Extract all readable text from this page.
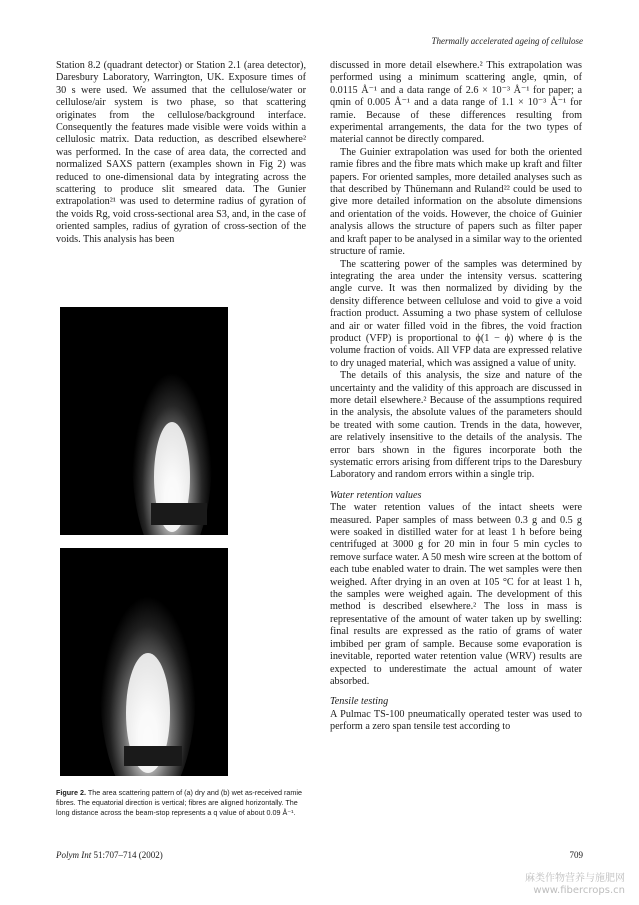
Thermally accelerated ageing of cellulose

Station 8.2 (quadrant detector) or Station 2.1 (area detector), Daresbury Laboratory, Warrington, UK. Exposure times of 30 s were used. We assumed that the cellulose/water or cellulose/air system is two phase, so that scattering originates from the cellulose/background interface. Consequently the features made visible were voids within a cellulosic matrix. Data reduction, as described elsewhere² was performed. In the case of area data, the corrected and normalized SAXS pattern (examples shown in Fig 2) was reduced to one-dimensional data by integrating across the scattering to produce slit smeared data. The Gunier extrapolation²¹ was used to determine radius of gyration of the voids Rg, void cross-sectional area S3, and, in the case of oriented samples, radius of gyration of cross-section of the voids. This analysis has been

Figure 2. The area scattering pattern of (a) dry and (b) wet as-received ramie fibres. The equatorial direction is vertical; fibres are aligned horizontally. The long distance across the beam-stop represents a q value of about 0.09 Å⁻¹.

discussed in more detail elsewhere.² This extrapolation was performed using a minimum scattering angle, qmin, of 0.0115 Å⁻¹ and a data range of 2.6 × 10⁻³ Å⁻¹ for paper; a qmin of 0.005 Å⁻¹ and a data range of 1.1 × 10⁻³ Å⁻¹ for ramie. Because of these differences resulting from experimental arrangements, the data for the two types of material cannot be directly compared.

The Guinier extrapolation was used for both the oriented ramie fibres and the fibre mats which make up kraft and filter papers. For oriented samples, more detailed analyses such as that described by Thünemann and Ruland²² could be used to give more detailed information on the absolute dimensions and orientation of the voids. However, the choice of Guinier analysis allows the structure of papers such as filter paper and kraft paper to be analysed in a similar way to the oriented structure of ramie.

The scattering power of the samples was determined by integrating the area under the intensity versus. scattering angle curve. It was then normalized by dividing by the density difference between cellulose and void to give a void fraction product. Assuming a two phase system of cellulose and air or water filled void in the fibres, the void fraction product (VFP) is proportional to ϕ(1 − ϕ) where ϕ is the volume fraction of voids. All VFP data are expressed relative to dry unaged material, which was assigned a value of unity.

The details of this analysis, the size and nature of the uncertainty and the validity of this approach are discussed in more detail elsewhere.² Because of the assumptions required in the analysis, the absolute values of the parameters should be treated with some caution. Trends in the data, however, are relatively insensitive to the details of the analysis. The error bars shown in the figures incorporate both the systematic errors arising from different trips to the Daresbury Laboratory and random errors within a single trip.

Water retention values

The water retention values of the intact sheets were measured. Paper samples of mass between 0.3 g and 0.5 g were soaked in distilled water for at least 1 h before being centrifuged at 3000 g for 20 min in four 5 min cycles to remove surface water. A 50 mesh wire screen at the bottom of each tube enabled water to drain. The wet samples were then weighed. After drying in an oven at 105 °C for at least 1 h, the samples were weighed again. The development of this method is described elsewhere.² The loss in mass is representative of the amount of water taken up by swelling: final results are expressed as the ratio of grams of water imbibed per gram of sample. Because some evaporation is inevitable, reported water retention value (WRV) results are expected to underestimate the actual amount of water absorbed.

Tensile testing

A Pulmac TS-100 pneumatically operated tester was used to perform a zero span tensile test according to

Polym Int 51:707–714 (2002)	709
麻类作物营养与施肥网
www.fibercrops.cn
